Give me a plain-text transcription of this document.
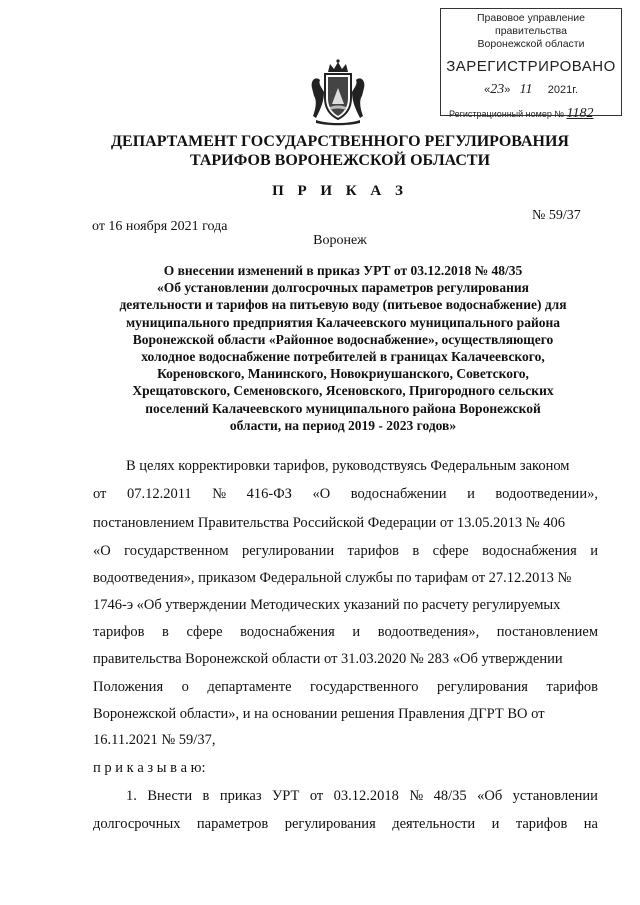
Правовое управление правительства
Воронежской области
ЗАРЕГИСТРИРОВАНО
«23» 11 2021г.
Регистрационный номер № 1182
ДЕПАРТАМЕНТ ГОСУДАРСТВЕННОГО РЕГУЛИРОВАНИЯ
ТАРИФОВ ВОРОНЕЖСКОЙ ОБЛАСТИ
П Р И К А З
от 16 ноября 2021 года
№ 59/37
Воронеж
О внесении изменений в приказ УРТ от 03.12.2018 № 48/35
«Об установлении долгосрочных параметров регулирования
деятельности и тарифов на питьевую воду (питьевое водоснабжение) для
муниципального предприятия Калачеевского муниципального района
Воронежской области «Районное водоснабжение», осуществляющего
холодное водоснабжение потребителей в границах Калачеевского,
Кореновского, Манинского, Новокриушанского, Советского,
Хрещатовского, Семеновского, Ясеновского, Пригородного сельских
поселений Калачеевского муниципального района Воронежской
области, на период 2019 - 2023 годов»
В целях корректировки тарифов, руководствуясь Федеральным законом
от 07.12.2011 № 416-ФЗ «О водоснабжении и водоотведении»,
постановлением Правительства Российской Федерации от 13.05.2013 № 406
«О государственном регулировании тарифов в сфере водоснабжения и
водоотведения», приказом Федеральной службы по тарифам от 27.12.2013 №
1746-э «Об утверждении Методических указаний по расчету регулируемых
тарифов в сфере водоснабжения и водоотведения», постановлением
правительства Воронежской области от 31.03.2020 № 283 «Об утверждении
Положения о департаменте государственного регулирования тарифов
Воронежской области», и на основании решения Правления ДГРТ ВО от
16.11.2021 № 59/37,
п р и к а з ы в а ю:
1. Внести в приказ УРТ от 03.12.2018 № 48/35 «Об установлении
долгосрочных параметров регулирования деятельности и тарифов на
